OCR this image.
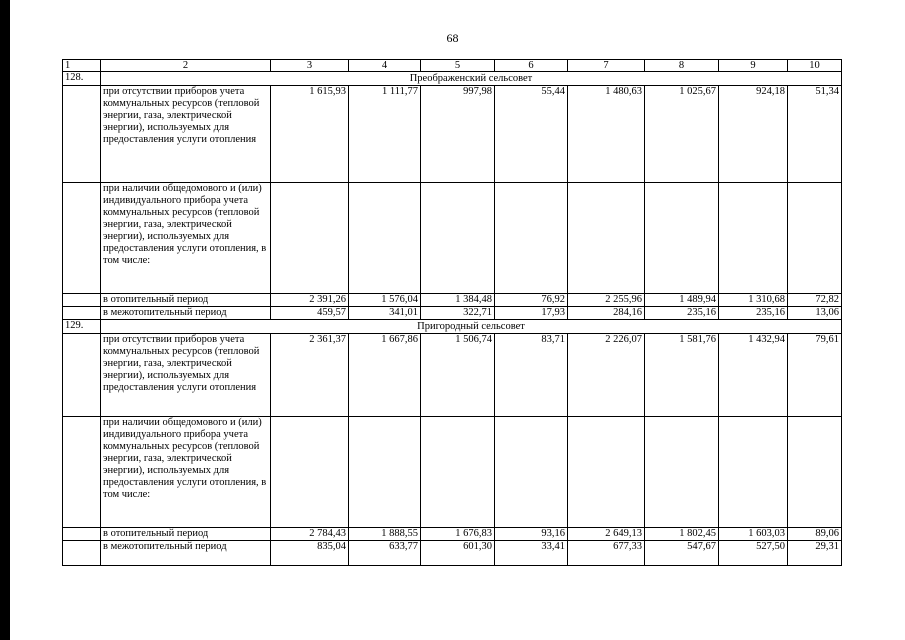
68
1	2	3	4	5	6	7	8	9	10
128.	Преображенский сельсовет								
	при отсутствии приборов учета коммунальных ресурсов (тепловой энергии, газа, электрической энергии), используемых для предоставления услуги отопления	1 615,93	1 111,77	997,98	55,44	1 480,63	1 025,67	924,18	51,34
	при наличии общедомового и (или) индивидуального прибора учета коммунальных ресурсов (тепловой энергии, газа, электрической энергии), используемых для предоставления услуги отопления, в том числе:								
	в отопительный период	2 391,26	1 576,04	1 384,48	76,92	2 255,96	1 489,94	1 310,68	72,82
	в межотопительный период	459,57	341,01	322,71	17,93	284,16	235,16	235,16	13,06
129.	Пригородный сельсовет								
	при отсутствии приборов учета коммунальных ресурсов (тепловой энергии, газа, электрической энергии), используемых для предоставления услуги отопления	2 361,37	1 667,86	1 506,74	83,71	2 226,07	1 581,76	1 432,94	79,61
	при наличии общедомового и (или) индивидуального прибора учета коммунальных ресурсов (тепловой энергии, газа, электрической энергии), используемых для предоставления услуги отопления, в том числе:								
	в отопительный период	2 784,43	1 888,55	1 676,83	93,16	2 649,13	1 802,45	1 603,03	89,06
	в межотопительный период	835,04	633,77	601,30	33,41	677,33	547,67	527,50	29,31
